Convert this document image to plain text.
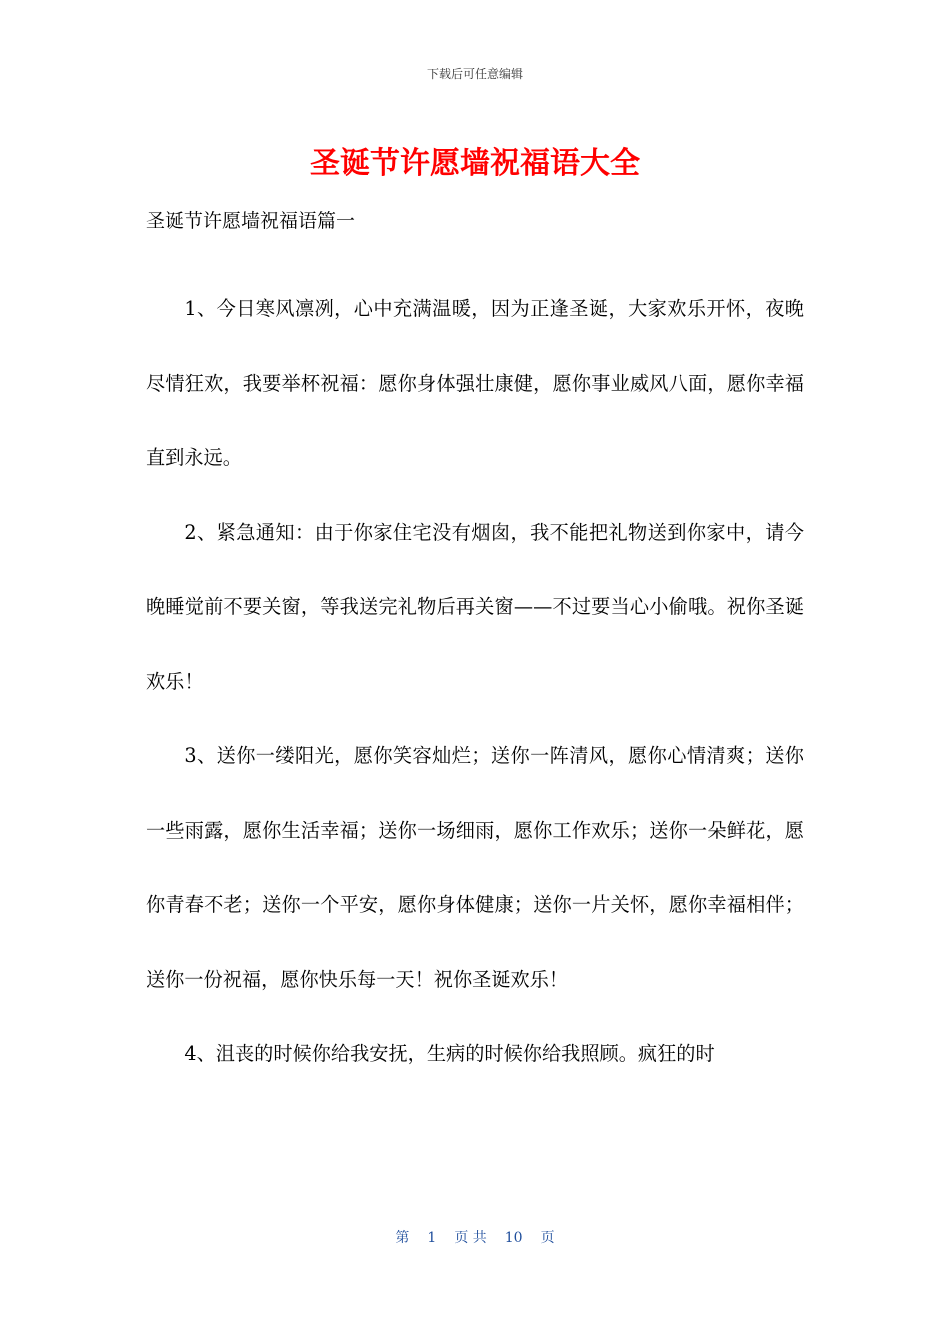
下载后可任意编辑
圣诞节许愿墙祝福语大全
圣诞节许愿墙祝福语篇一

1、今日寒风凛冽，心中充满温暖，因为正逢圣诞，大家欢乐开怀，夜晚尽情狂欢，我要举杯祝福：愿你身体强壮康健，愿你事业威风八面，愿你幸福直到永远。

2、紧急通知：由于你家住宅没有烟囱，我不能把礼物送到你家中，请今晚睡觉前不要关窗，等我送完礼物后再关窗——不过要当心小偷哦。祝你圣诞欢乐！

3、送你一缕阳光，愿你笑容灿烂；送你一阵清风，愿你心情清爽；送你一些雨露，愿你生活幸福；送你一场细雨，愿你工作欢乐；送你一朵鲜花，愿你青春不老；送你一个平安，愿你身体健康；送你一片关怀，愿你幸福相伴；送你一份祝福，愿你快乐每一天！祝你圣诞欢乐！

4、沮丧的时候你给我安抚，生病的时候你给我照顾。疯狂的时

第 1 页 共 10 页
